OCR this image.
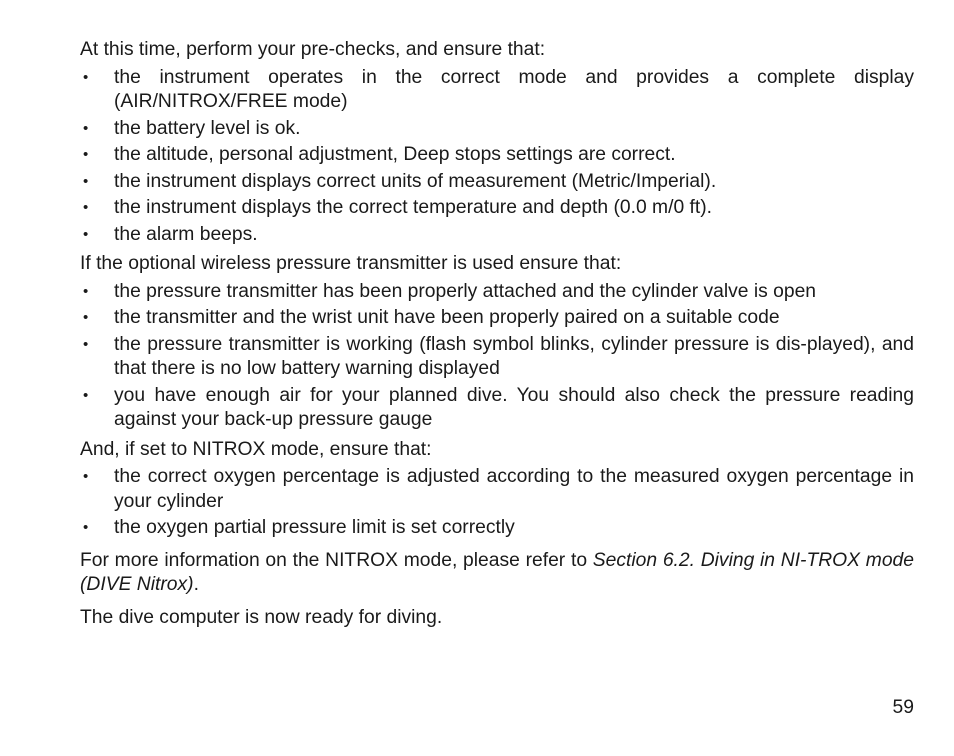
At this time, perform your pre-checks, and ensure that:

• the instrument operates in the correct mode and provides a complete display (AIR/NITROX/FREE mode)
• the battery level is ok.
• the altitude, personal adjustment, Deep stops settings are correct.
• the instrument displays correct units of measurement (Metric/Imperial).
• the instrument displays the correct temperature and depth (0.0 m/0 ft).
• the alarm beeps.

If the optional wireless pressure transmitter is used ensure that:

• the pressure transmitter has been properly attached and the cylinder valve is open
• the transmitter and the wrist unit have been properly paired on a suitable code
• the pressure transmitter is working (flash symbol blinks, cylinder pressure is dis-played), and that there is no low battery warning displayed
• you have enough air for your planned dive. You should also check the pressure reading against your back-up pressure gauge

And, if set to NITROX mode, ensure that:

• the correct oxygen percentage is adjusted according to the measured oxygen percentage in your cylinder
• the oxygen partial pressure limit is set correctly

For more information on the NITROX mode, please refer to Section 6.2. Diving in NI-TROX mode (DIVE Nitrox).

The dive computer is now ready for diving.

59
